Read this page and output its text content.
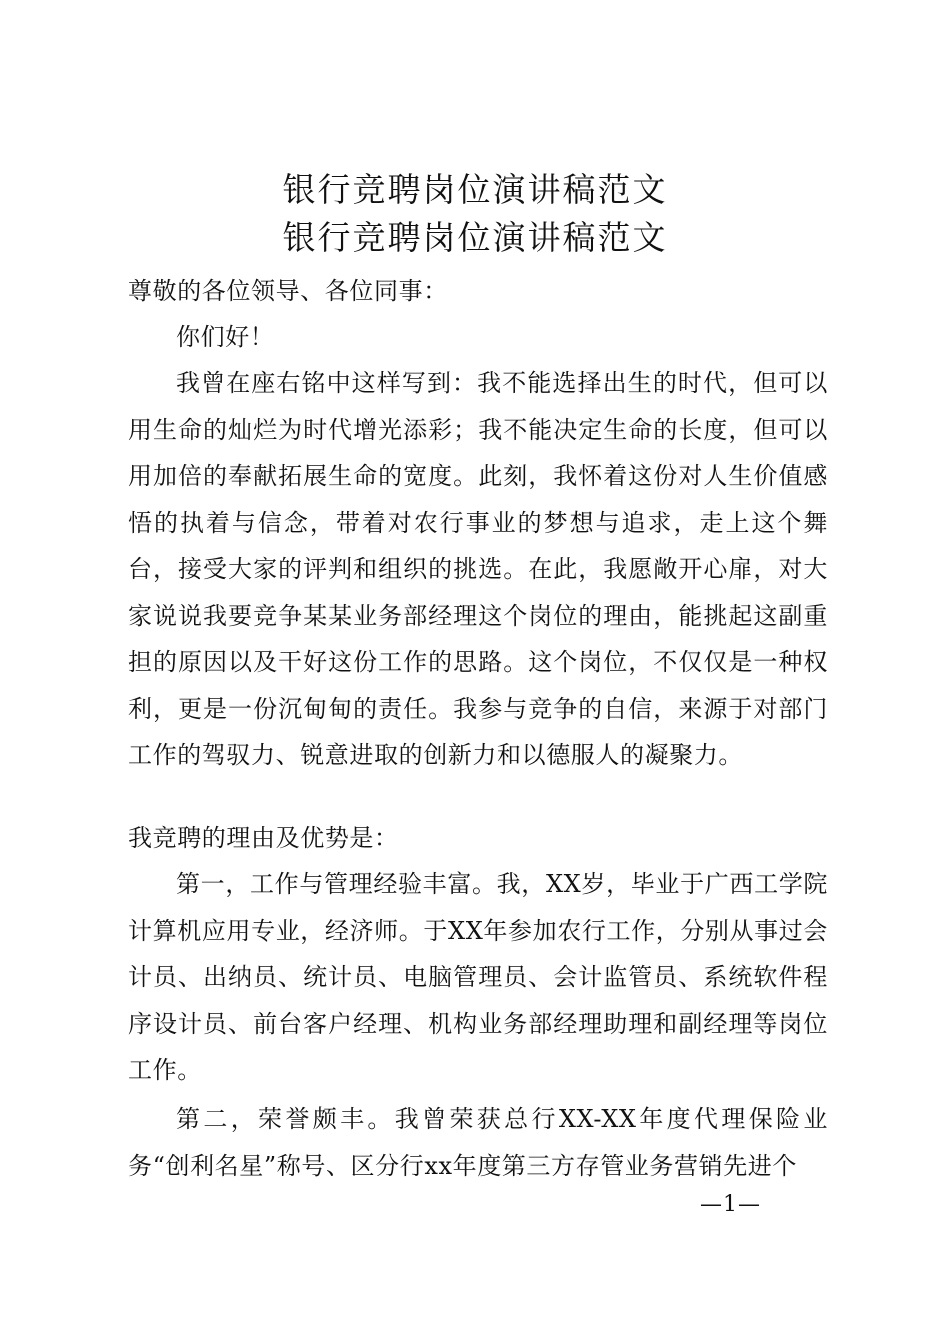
银行竞聘岗位演讲稿范文
银行竞聘岗位演讲稿范文
尊敬的各位领导、各位同事：
你们好！
我曾在座右铭中这样写到：我不能选择出生的时代，但可以用生命的灿烂为时代增光添彩；我不能决定生命的长度，但可以用加倍的奉献拓展生命的宽度。此刻，我怀着这份对人生价值感悟的执着与信念，带着对农行事业的梦想与追求，走上这个舞台，接受大家的评判和组织的挑选。在此，我愿敞开心扉，对大家说说我要竞争某某业务部经理这个岗位的理由，能挑起这副重担的原因以及干好这份工作的思路。这个岗位，不仅仅是一种权利，更是一份沉甸甸的责任。我参与竞争的自信，来源于对部门工作的驾驭力、锐意进取的创新力和以德服人的凝聚力。
我竞聘的理由及优势是：
第一，工作与管理经验丰富。我，XX岁，毕业于广西工学院计算机应用专业，经济师。于XX年参加农行工作，分别从事过会计员、出纳员、统计员、电脑管理员、会计监管员、系统软件程序设计员、前台客户经理、机构业务部经理助理和副经理等岗位工作。
第二，荣誉颇丰。我曾荣获总行XX-XX年度代理保险业务“创利名星”称号、区分行xx年度第三方存管业务营销先进个
—1—
